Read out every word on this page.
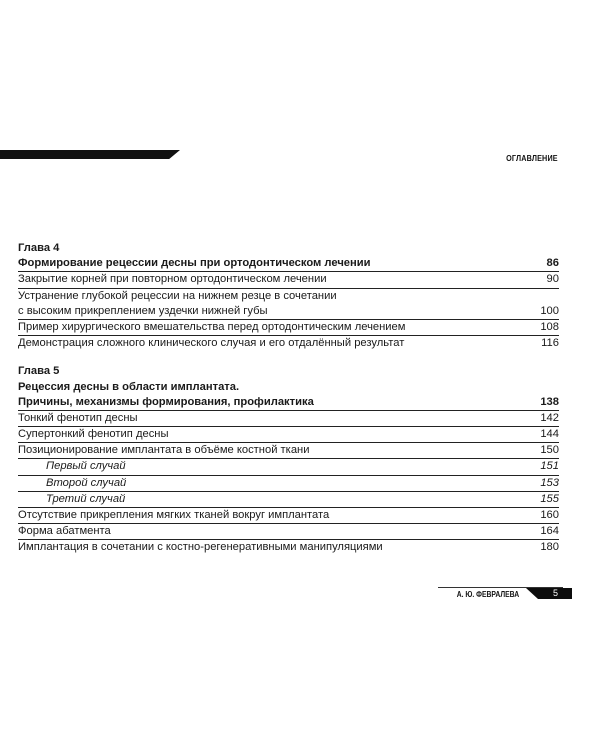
ОГЛАВЛЕНИЕ
Глава 4
Формирование рецессии десны при ортодонтическом лечении	86
Закрытие корней при повторном ортодонтическом лечении	90
Устранение глубокой рецессии на нижнем резце в сочетании
с высоким прикреплением уздечки нижней губы	100
Пример хирургического вмешательства перед ортодонтическим лечением	108
Демонстрация сложного клинического случая и его отдалённый результат	116
Глава 5
Рецессия десны в области имплантата.
Причины, механизмы формирования, профилактика	138
Тонкий фенотип десны	142
Супертонкий фенотип десны	144
Позиционирование имплантата в объёме костной ткани	150
Первый случай	151
Второй случай	153
Третий случай	155
Отсутствие прикрепления мягких тканей вокруг имплантата	160
Форма абатмента	164
Имплантация в сочетании с костно-регенеративными манипуляциями	180
А. Ю. ФЕВРАЛЕВА	5
